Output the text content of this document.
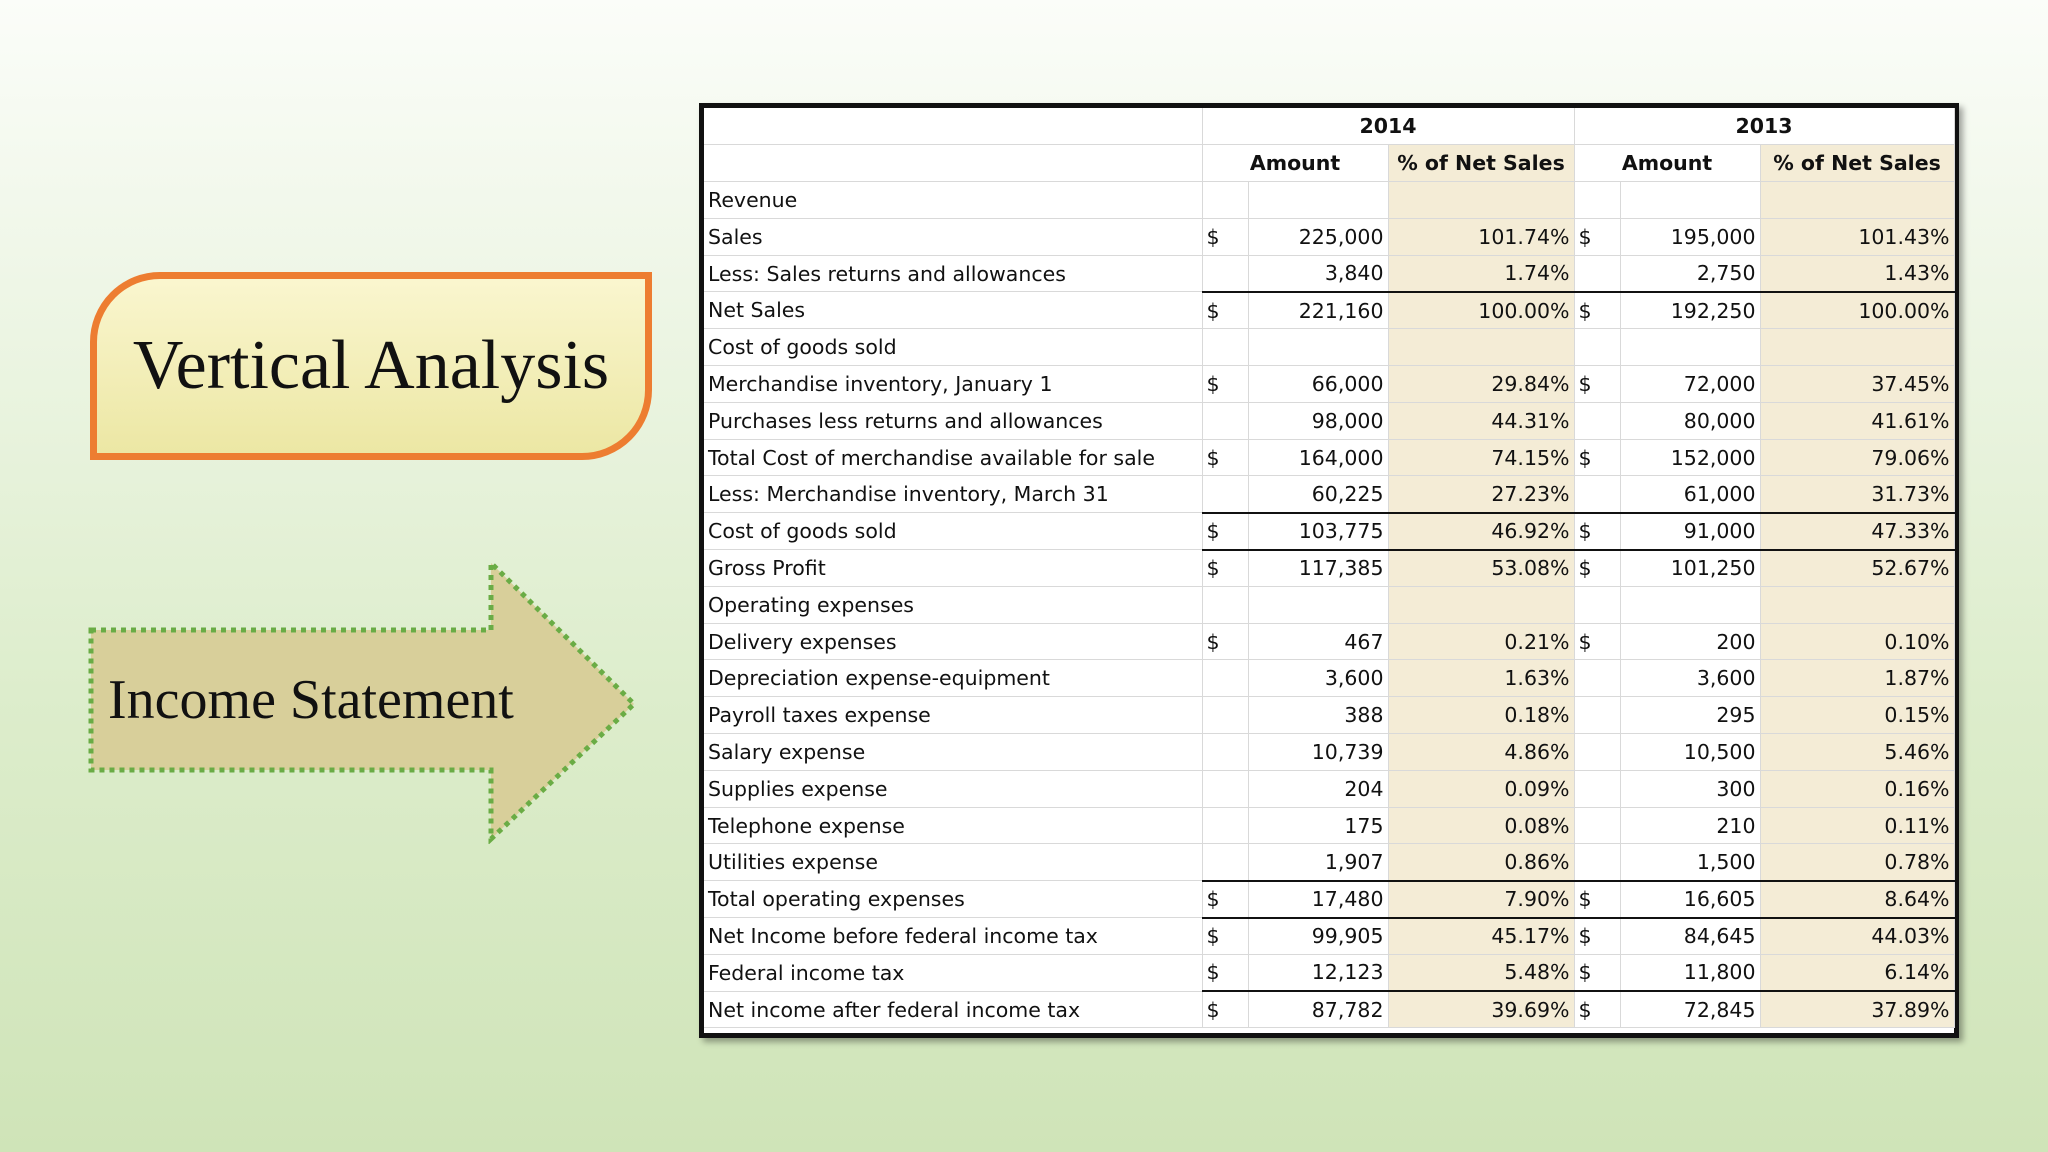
Vertical Analysis
Income Statement
	2014			2013		
	Amount		% of Net Sales	Amount		% of Net Sales
Revenue						
Sales	$	225,000	101.74%	$	195,000	101.43%
Less: Sales returns and allowances		3,840	1.74%		2,750	1.43%
Net Sales	$	221,160	100.00%	$	192,250	100.00%
Cost of goods sold						
Merchandise inventory, January 1	$	66,000	29.84%	$	72,000	37.45%
Purchases less returns and allowances		98,000	44.31%		80,000	41.61%
Total Cost of merchandise available for sale	$	164,000	74.15%	$	152,000	79.06%
Less: Merchandise inventory, March 31		60,225	27.23%		61,000	31.73%
Cost of goods sold	$	103,775	46.92%	$	91,000	47.33%
Gross Profit	$	117,385	53.08%	$	101,250	52.67%
Operating expenses						
Delivery expenses	$	467	0.21%	$	200	0.10%
Depreciation expense-equipment		3,600	1.63%		3,600	1.87%
Payroll taxes expense		388	0.18%		295	0.15%
Salary expense		10,739	4.86%		10,500	5.46%
Supplies expense		204	0.09%		300	0.16%
Telephone expense		175	0.08%		210	0.11%
Utilities expense		1,907	0.86%		1,500	0.78%
Total operating expenses	$	17,480	7.90%	$	16,605	8.64%
Net Income before federal income tax	$	99,905	45.17%	$	84,645	44.03%
Federal income tax	$	12,123	5.48%	$	11,800	6.14%
Net income after federal income tax	$	87,782	39.69%	$	72,845	37.89%
